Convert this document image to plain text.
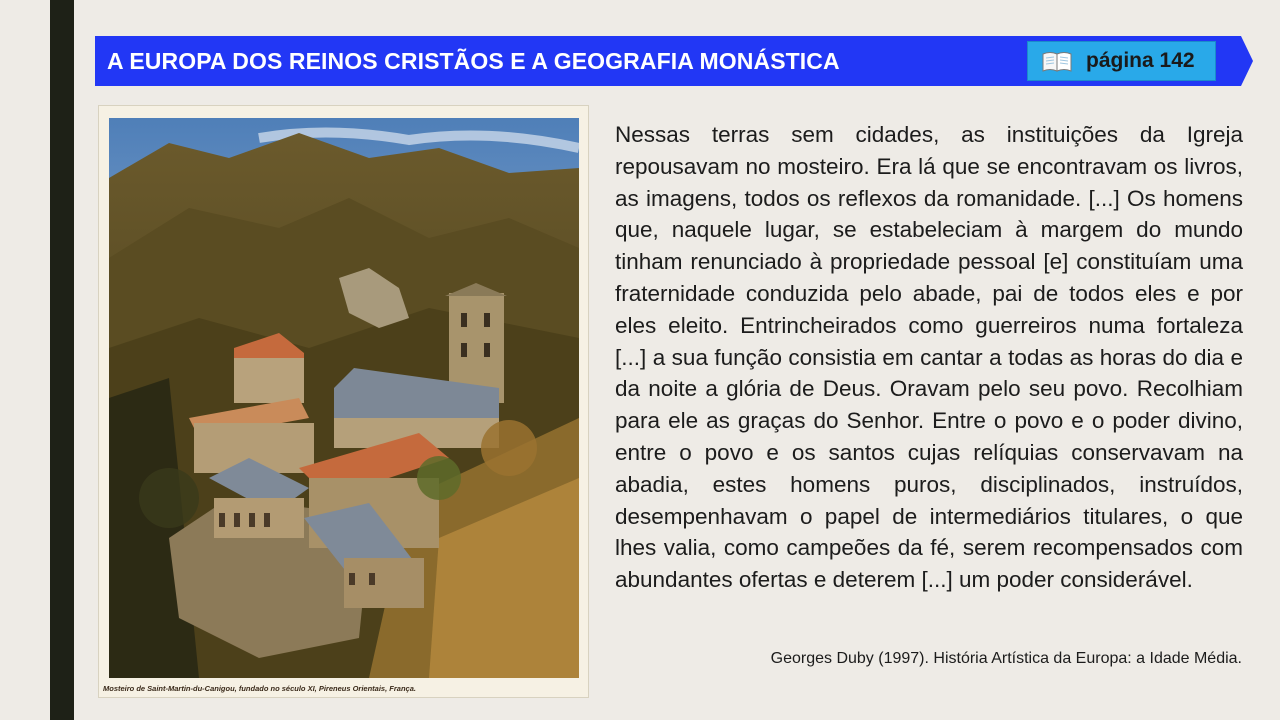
A EUROPA DOS REINOS CRISTÃOS E A GEOGRAFIA MONÁSTICA	página 142
Mosteiro de Saint-Martin-du-Canigou, fundado no século XI, Pireneus Orientais, França.

Nessas terras sem cidades, as instituições da Igreja repousavam no mosteiro. Era lá que se encontravam os livros, as imagens, todos os reflexos da romanidade. [...] Os homens que, naquele lugar, se estabeleciam à margem do mundo tinham renunciado à propriedade pessoal [e] constituíam uma fraternidade conduzida pelo abade, pai de todos eles e por eles eleito. Entrincheirados como guerreiros numa fortaleza [...] a sua função consistia em cantar a todas as horas do dia e da noite a glória de Deus. Oravam pelo seu povo. Recolhiam para ele as graças do Senhor. Entre o povo e o poder divino, entre o povo e os santos cujas relíquias conservavam na abadia, estes homens puros, disciplinados, instruídos, desempenhavam o papel de intermediários titulares, o que lhes valia, como campeões da fé, serem recompensados com abundantes ofertas e deterem [...] um poder considerável.

Georges Duby (1997). História Artística da Europa: a Idade Média.
